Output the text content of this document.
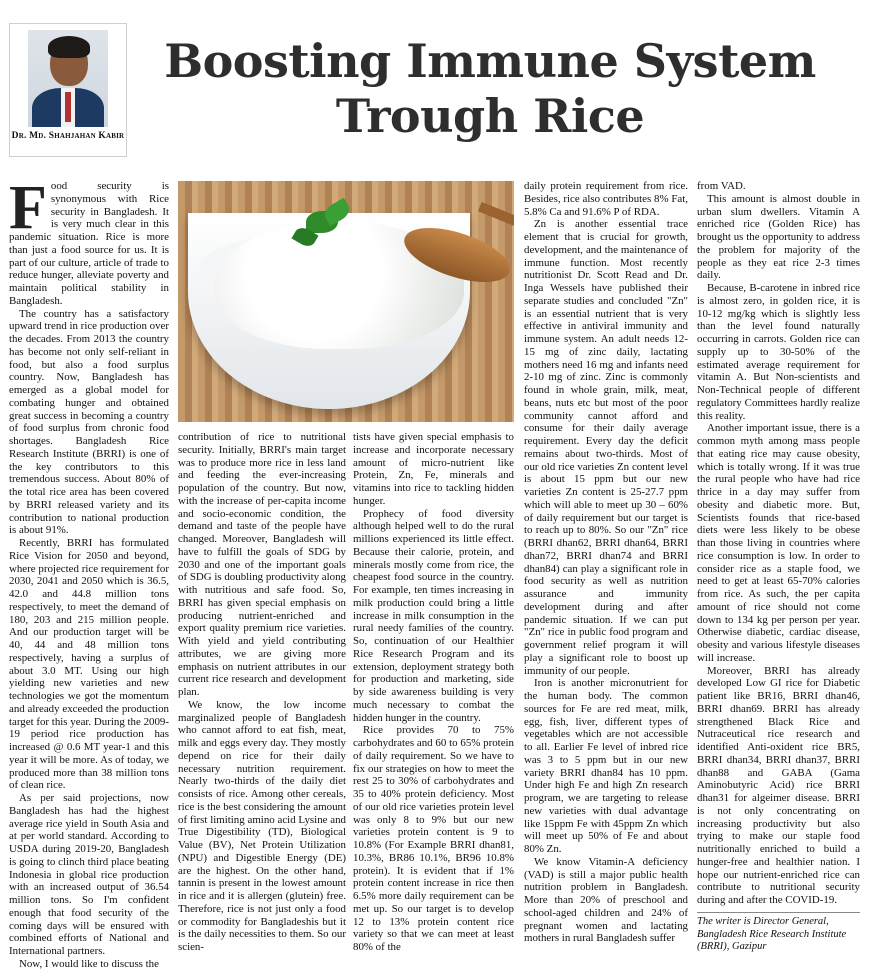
Dr. Md. Shahjahan Kabir
Boosting Immune System
Trough Rice

Food security is synonymous with Rice security in Bangladesh. It is very much clear in this pandemic situation. Rice is more than just a food source for us. It is part of our culture, article of trade to reduce hunger, alleviate poverty and maintain political stability in Bangladesh.

The country has a satisfactory upward trend in rice production over the decades. From 2013 the country has become not only self-reliant in food, but also a food surplus country. Now, Bangladesh has emerged as a global model for combating hunger and obtained great success in becoming a country of food surplus from chronic food shortages. Bangladesh Rice Research Institute (BRRI) is one of the key contributors to this tremendous success. About 80% of the total rice area has been covered by BRRI released variety and its contribution to national production is about 91%.

Recently, BRRI has formulated Rice Vision for 2050 and beyond, where projected rice requirement for 2030, 2041 and 2050 which is 36.5, 42.0 and 44.8 million tons respectively, to meet the demand of 180, 203 and 215 million people. And our production target will be 40, 44 and 48 million tons respectively, having a surplus of about 3.0 MT. Using our high yielding new varieties and new technologies we got the momentum and already exceeded the production target for this year. During the 2009-19 period rice production has increased @ 0.6 MT year-1 and this year it will be more. As of today, we produced more than 38 million tons of clean rice.

As per said projections, now Bangladesh has had the highest average rice yield in South Asia and at per world standard. According to USDA during 2019-20, Bangladesh is going to clinch third place beating Indonesia in global rice production with an increased output of 36.54 million tons. So I'm confident enough that food security of the coming days will be ensured with combined efforts of National and International partners.

Now, I would like to discuss the

contribution of rice to nutritional security. Initially, BRRI's main target was to produce more rice in less land and feeding the ever-increasing population of the country. But now, with the increase of per-capita income and socio-economic condition, the demand and taste of the people have changed. Moreover, Bangladesh will have to fulfill the goals of SDG by 2030 and one of the important goals of SDG is doubling productivity along with nutritious and safe food. So, BRRI has given special emphasis on producing nutrient-enriched and export quality premium rice varieties. With yield and yield contributing attributes, we are giving more emphasis on nutrient attributes in our current rice research and development plan.

We know, the low income marginalized people of Bangladesh who cannot afford to eat fish, meat, milk and eggs every day. They mostly depend on rice for their daily necessary nutrition requirement. Nearly two-thirds of the daily diet consists of rice. Among other cereals, rice is the best considering the amount of first limiting amino acid Lysine and True Digestibility (TD), Biological Value (BV), Net Protein Utilization (NPU) and Digestible Energy (DE) are the highest. On the other hand, tannin is present in the lowest amount in rice and it is allergen (glutein) free. Therefore, rice is not just only a food or commodity for Bangladeshis but it is the daily necessities to them. So our scien-

tists have given special emphasis to increase and incorporate necessary amount of micro-nutrient like Protein, Zn, Fe, minerals and vitamins into rice to tackling hidden hunger.

Prophecy of food diversity although helped well to do the rural millions experienced its little effect. Because their calorie, protein, and minerals mostly come from rice, the cheapest food source in the country. For example, ten times increasing in milk production could bring a little increase in milk consumption in the rural needy families of the country. So, continuation of our Healthier Rice Research Program and its extension, deployment strategy both for production and marketing, side by side awareness building is very much necessary to combat the hidden hunger in the country.

Rice provides 70 to 75% carbohydrates and 60 to 65% protein of daily requirement. So we have to fix our strategies on how to meet the rest 25 to 30% of carbohydrates and 35 to 40% protein deficiency. Most of our old rice varieties protein level was only 8 to 9% but our new varieties protein content is 9 to 10.8% (For Example BRRI dhan81, 10.3%, BR86 10.1%, BR96 10.8% protein). It is evident that if 1% protein content increase in rice then 6.5% more daily requirement can be met up. So our target is to develop 12 to 13% protein content rice variety so that we can meet at least 80% of the

daily protein requirement from rice. Besides, rice also contributes 8% Fat, 5.8% Ca and 91.6% P of RDA.

Zn is another essential trace element that is crucial for growth, development, and the maintenance of immune function. Most recently nutritionist Dr. Scott Read and Dr. Inga Wessels have published their separate studies and concluded "Zn" is an essential nutrient that is very effective in antiviral immunity and immune system. An adult needs 12-15 mg of zinc daily, lactating mothers need 16 mg and infants need 2-10 mg of zinc. Zinc is commonly found in whole grain, milk, meat, beans, nuts etc but most of the poor community cannot afford and consume for their daily average requirement. Every day the deficit remains about two-thirds. Most of our old rice varieties Zn content level is about 15 ppm but our new varieties Zn content is 25-27.7 ppm which will able to meet up 30 – 60% of daily requirement but our target is to reach up to 80%. So our "Zn" rice (BRRI dhan62, BRRI dhan64, BRRI dhan72, BRRI dhan74 and BRRI dhan84) can play a significant role in food security as well as nutrition assurance and immunity development during and after pandemic situation. If we can put "Zn" rice in public food program and government relief program it will play a significant role to boost up immunity of our people.

Iron is another micronutrient for the human body. The common sources for Fe are red meat, milk, egg, fish, liver, different types of vegetables which are not accessible to all. Earlier Fe level of inbred rice was 3 to 5 ppm but in our new variety BRRI dhan84 has 10 ppm. Under high Fe and high Zn research program, we are targeting to release new varieties with dual advantage like 15ppm Fe with 45ppm Zn which will meet up 50% of Fe and about 80% Zn.

We know Vitamin-A deficiency (VAD) is still a major public health nutrition problem in Bangladesh. More than 20% of preschool and school-aged children and 24% of pregnant women and lactating mothers in rural Bangladesh suffer

from VAD.

This amount is almost double in urban slum dwellers. Vitamin A enriched rice (Golden Rice) has brought us the opportunity to address the problem for majority of the people as they eat rice 2-3 times daily.

Because, B-carotene in inbred rice is almost zero, in golden rice, it is 10-12 mg/kg which is slightly less than the level found naturally occurring in carrots. Golden rice can supply up to 30-50% of the estimated average requirement for vitamin A. But Non-scientists and Non-Technical people of different regulatory Committees hardly realize this reality.

Another important issue, there is a common myth among mass people that eating rice may cause obesity, which is totally wrong. If it was true the rural people who have had rice thrice in a day may suffer from obesity and diabetic more. But, Scientists founds that rice-based diets were less likely to be obese than those living in countries where rice consumption is low. In order to consider rice as a staple food, we need to get at least 65-70% calories from rice. As such, the per capita amount of rice should not come down to 134 kg per person per year. Otherwise diabetic, cardiac disease, obesity and various lifestyle diseases will increase.

Moreover, BRRI has already developed Low GI rice for Diabetic patient like BR16, BRRI dhan46, BRRI dhan69. BRRI has already strengthened Black Rice and Nutraceutical rice research and identified Anti-oxident rice BR5, BRRI dhan34, BRRI dhan37, BRRI dhan88 and GABA (Gama Aminobutyric Acid) rice BRRI dhan31 for algeimer disease. BRRI is not only concentrating on increasing productivity but also trying to make our staple food nutritionally enriched to build a hunger-free and healthier nation. I hope our nutrient-enriched rice can contribute to nutritional security during and after the COVID-19.

The writer is Director General, Bangladesh Rice Research Institute (BRRI), Gazipur
